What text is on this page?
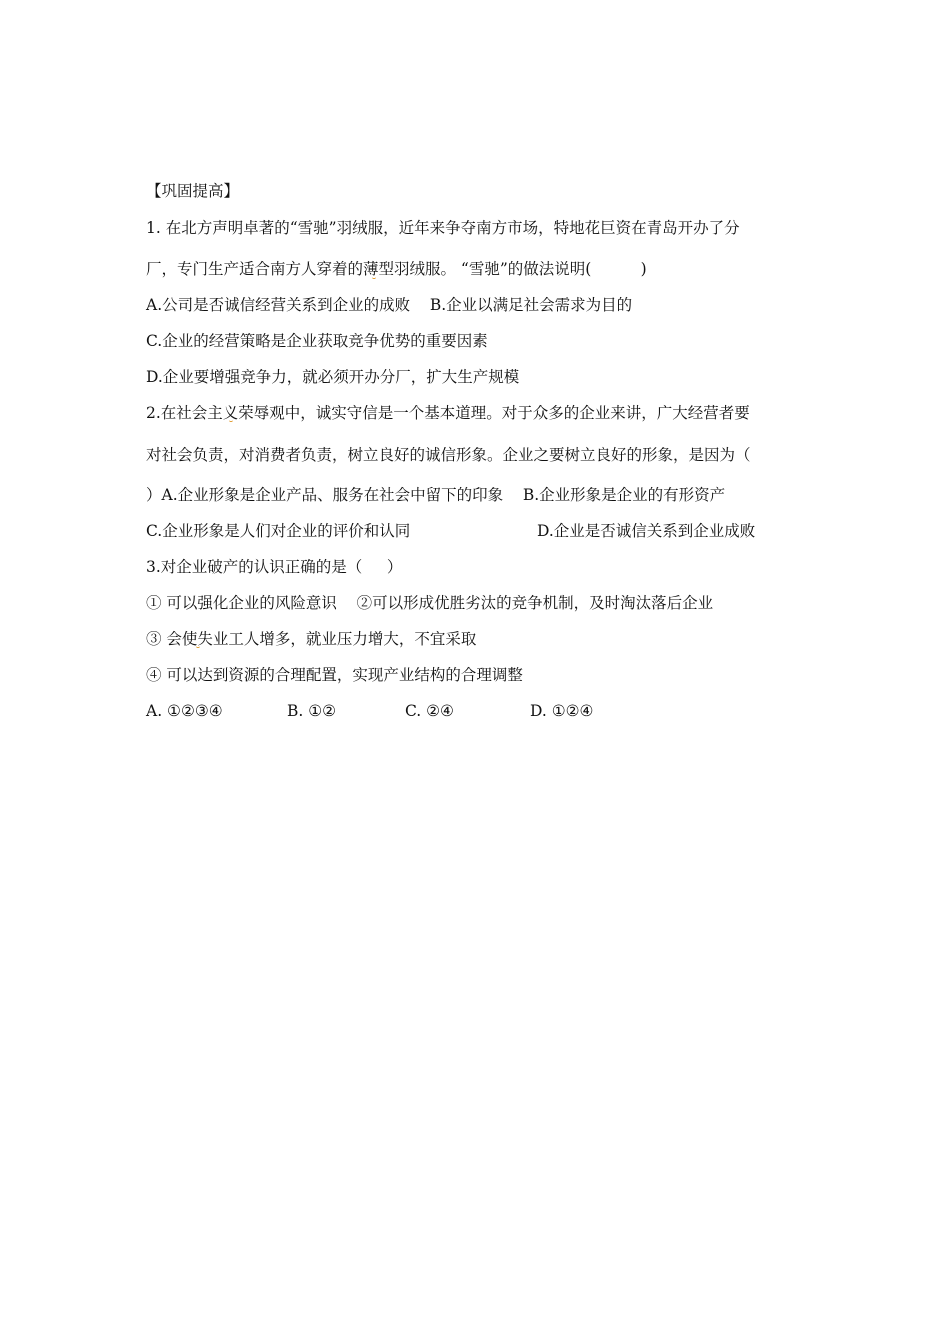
【巩固提高】
1. 在北方声明卓著的“雪驰”羽绒服，近年来争夺南方市场，特地花巨资在青岛开办了分
厂，专门生产适合南方人穿着的薄型羽绒服。 “雪驰”的做法说明(          )
A.公司是否诚信经营关系到企业的成败    B.企业以满足社会需求为目的
C.企业的经营策略是企业获取竞争优势的重要因素
D.企业要增强竞争力，就必须开办分厂，扩大生产规模
2.在社会主义荣辱观中，诚实守信是一个基本道理。对于众多的企业来讲，广大经营者要
对社会负责，对消费者负责，树立良好的诚信形象。企业之要树立良好的形象，是因为（
）A.企业形象是企业产品、服务在社会中留下的印象    B.企业形象是企业的有形资产
C.企业形象是人们对企业的评价和认同	D.企业是否诚信关系到企业成败
3.对企业破产的认识正确的是（     ）
① 可以强化企业的风险意识    ②可以形成优胜劣汰的竞争机制，及时淘汰落后企业
③ 会使失业工人增多，就业压力增大，不宜采取
④ 可以达到资源的合理配置，实现产业结构的合理调整
A. ①②③④	B. ①②	C. ②④	D. ①②④
